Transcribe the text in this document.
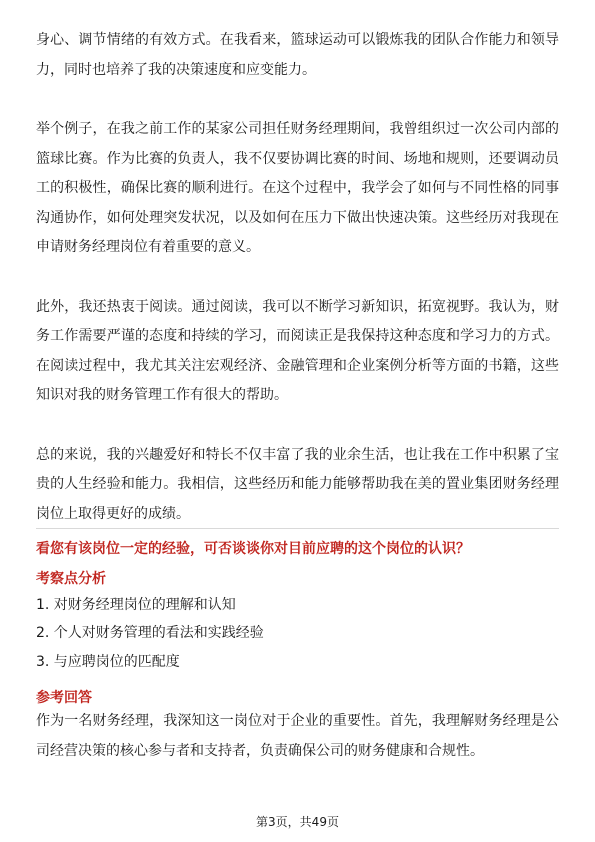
身心、调节情绪的有效方式。在我看来，篮球运动可以锻炼我的团队合作能力和领导力，同时也培养了我的决策速度和应变能力。

举个例子，在我之前工作的某家公司担任财务经理期间，我曾组织过一次公司内部的篮球比赛。作为比赛的负责人，我不仅要协调比赛的时间、场地和规则，还要调动员工的积极性，确保比赛的顺利进行。在这个过程中，我学会了如何与不同性格的同事沟通协作，如何处理突发状况，以及如何在压力下做出快速决策。这些经历对我现在申请财务经理岗位有着重要的意义。

此外，我还热衷于阅读。通过阅读，我可以不断学习新知识，拓宽视野。我认为，财务工作需要严谨的态度和持续的学习，而阅读正是我保持这种态度和学习力的方式。在阅读过程中，我尤其关注宏观经济、金融管理和企业案例分析等方面的书籍，这些知识对我的财务管理工作有很大的帮助。

总的来说，我的兴趣爱好和特长不仅丰富了我的业余生活，也让我在工作中积累了宝贵的人生经验和能力。我相信，这些经历和能力能够帮助我在美的置业集团财务经理岗位上取得更好的成绩。

看您有该岗位一定的经验，可否谈谈你对目前应聘的这个岗位的认识？

考察点分析

1. 对财务经理岗位的理解和认知

2. 个人对财务管理的看法和实践经验

3. 与应聘岗位的匹配度

参考回答

作为一名财务经理，我深知这一岗位对于企业的重要性。首先，我理解财务经理是公司经营决策的核心参与者和支持者，负责确保公司的财务健康和合规性。

第3页，共49页
